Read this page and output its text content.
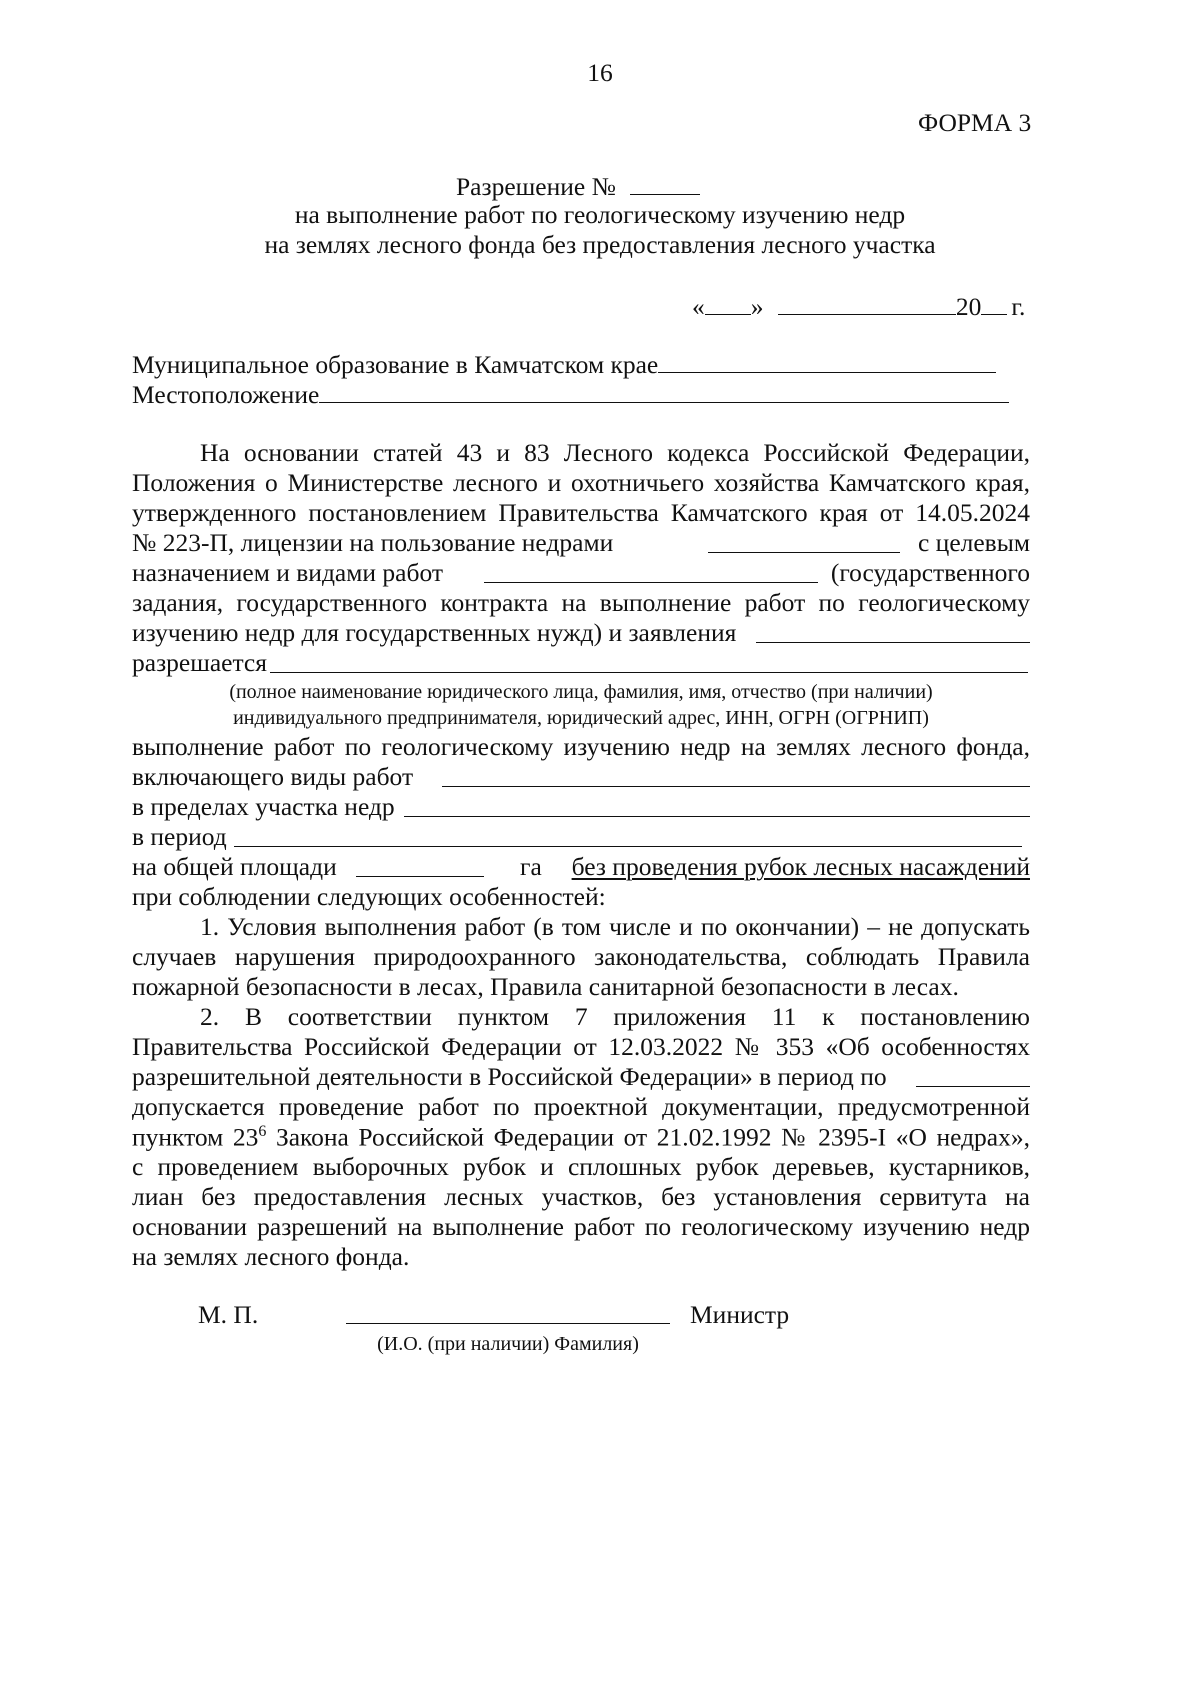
16
ФОРМА 3
Разрешение №
на выполнение работ по геологическому изучению недр
на землях лесного фонда без предоставления лесного участка
« »	20 г.
Муниципальное образование в Камчатском крае
Местоположение
На основании статей 43 и 83 Лесного кодекса Российской Федерации,
Положения о Министерстве лесного и охотничьего хозяйства Камчатского края,
утвержденного постановлением Правительства Камчатского края от 14.05.2024
№ 223-П, лицензии на пользование недрами	с целевым
назначением и видами работ	(государственного
задания, государственного контракта на выполнение работ по геологическому
изучению недр для государственных нужд) и заявления
разрешается
(полное наименование юридического лица, фамилия, имя, отчество (при наличии)
индивидуального предпринимателя, юридический адрес, ИНН, ОГРН (ОГРНИП)
выполнение работ по геологическому изучению недр на землях лесного фонда,
включающего виды работ
в пределах участка недр
в период
на общей площади	га без проведения рубок лесных насаждений
при соблюдении следующих особенностей:
1. Условия выполнения работ (в том числе и по окончании) – не допускать
случаев нарушения природоохранного законодательства, соблюдать Правила
пожарной безопасности в лесах, Правила санитарной безопасности в лесах.
2. В соответствии пунктом 7 приложения 11 к постановлению
Правительства Российской Федерации от 12.03.2022 № 353 «Об особенностях
разрешительной деятельности в Российской Федерации» в период по
допускается проведение работ по проектной документации, предусмотренной
пунктом $23^6$ Закона Российской Федерации от 21.02.1992 № 2395-I «О недрах»,
с проведением выборочных рубок и сплошных рубок деревьев, кустарников,
лиан без предоставления лесных участков, без установления сервитута на
основании разрешений на выполнение работ по геологическому изучению недр
на землях лесного фонда.
М. П.	Министр
(И.О. (при наличии) Фамилия)
